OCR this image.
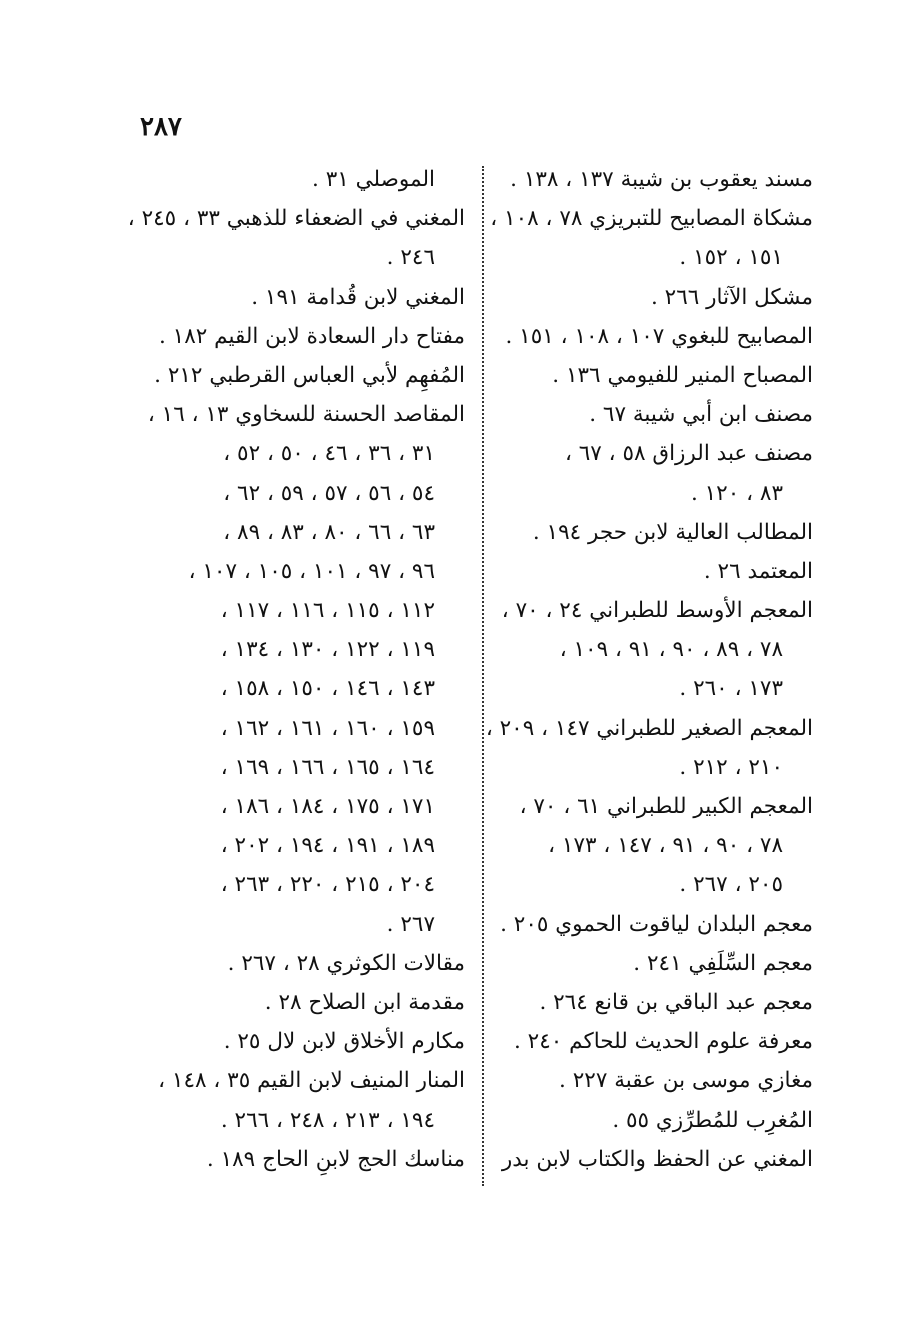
٢٨٧
مسند يعقوب بن شيبة ١٣٧ ، ١٣٨ .
مشكاة المصابيح للتبريزي ٧٨ ، ١٠٨ ،
١٥١ ، ١٥٢ .
مشكل الآثار ٢٦٦ .
المصابيح للبغوي ١٠٧ ، ١٠٨ ، ١٥١ .
المصباح المنير للفيومي ١٣٦ .
مصنف ابن أبي شيبة ٦٧ .
مصنف عبد الرزاق ٥٨ ، ٦٧ ،
٨٣ ، ١٢٠ .
المطالب العالية لابن حجر ١٩٤ .
المعتمد ٢٦ .
المعجم الأوسط للطبراني ٢٤ ، ٧٠ ،
٧٨ ، ٨٩ ، ٩٠ ، ٩١ ، ١٠٩ ،
١٧٣ ، ٢٦٠ .
المعجم الصغير للطبراني ١٤٧ ، ٢٠٩ ،
٢١٠ ، ٢١٢ .
المعجم الكبير للطبراني ٦١ ، ٧٠ ،
٧٨ ، ٩٠ ، ٩١ ، ١٤٧ ، ١٧٣ ،
٢٠٥ ، ٢٦٧ .
معجم البلدان لياقوت الحموي ٢٠٥ .
معجم السِّلَفِي ٢٤١ .
معجم عبد الباقي بن قانع ٢٦٤ .
معرفة علوم الحديث للحاكم ٢٤٠ .
مغازي موسى بن عقبة ٢٢٧ .
المُغرِب للمُطرِّزي ٥٥ .
المغني عن الحفظ والكتاب لابن بدر
الموصلي ٣١ .
المغني في الضعفاء للذهبي ٣٣ ، ٢٤٥ ،
٢٤٦ .
المغني لابن قُدامة ١٩١ .
مفتاح دار السعادة لابن القيم ١٨٢ .
المُفهِم لأبي العباس القرطبي ٢١٢ .
المقاصد الحسنة للسخاوي ١٣ ، ١٦ ،
٣١ ، ٣٦ ، ٤٦ ، ٥٠ ، ٥٢ ،
٥٤ ، ٥٦ ، ٥٧ ، ٥٩ ، ٦٢ ،
٦٣ ، ٦٦ ، ٨٠ ، ٨٣ ، ٨٩ ،
٩٦ ، ٩٧ ، ١٠١ ، ١٠٥ ، ١٠٧ ،
١١٢ ، ١١٥ ، ١١٦ ، ١١٧ ،
١١٩ ، ١٢٢ ، ١٣٠ ، ١٣٤ ،
١٤٣ ، ١٤٦ ، ١٥٠ ، ١٥٨ ،
١٥٩ ، ١٦٠ ، ١٦١ ، ١٦٢ ،
١٦٤ ، ١٦٥ ، ١٦٦ ، ١٦٩ ،
١٧١ ، ١٧٥ ، ١٨٤ ، ١٨٦ ،
١٨٩ ، ١٩١ ، ١٩٤ ، ٢٠٢ ،
٢٠٤ ، ٢١٥ ، ٢٢٠ ، ٢٦٣ ،
٢٦٧ .
مقالات الكوثري ٢٨ ، ٢٦٧ .
مقدمة ابن الصلاح ٢٨ .
مكارم الأخلاق لابن لال ٢٥ .
المنار المنيف لابن القيم ٣٥ ، ١٤٨ ،
١٩٤ ، ٢١٣ ، ٢٤٨ ، ٢٦٦ .
مناسك الحج لابنِ الحاج ١٨٩ .
